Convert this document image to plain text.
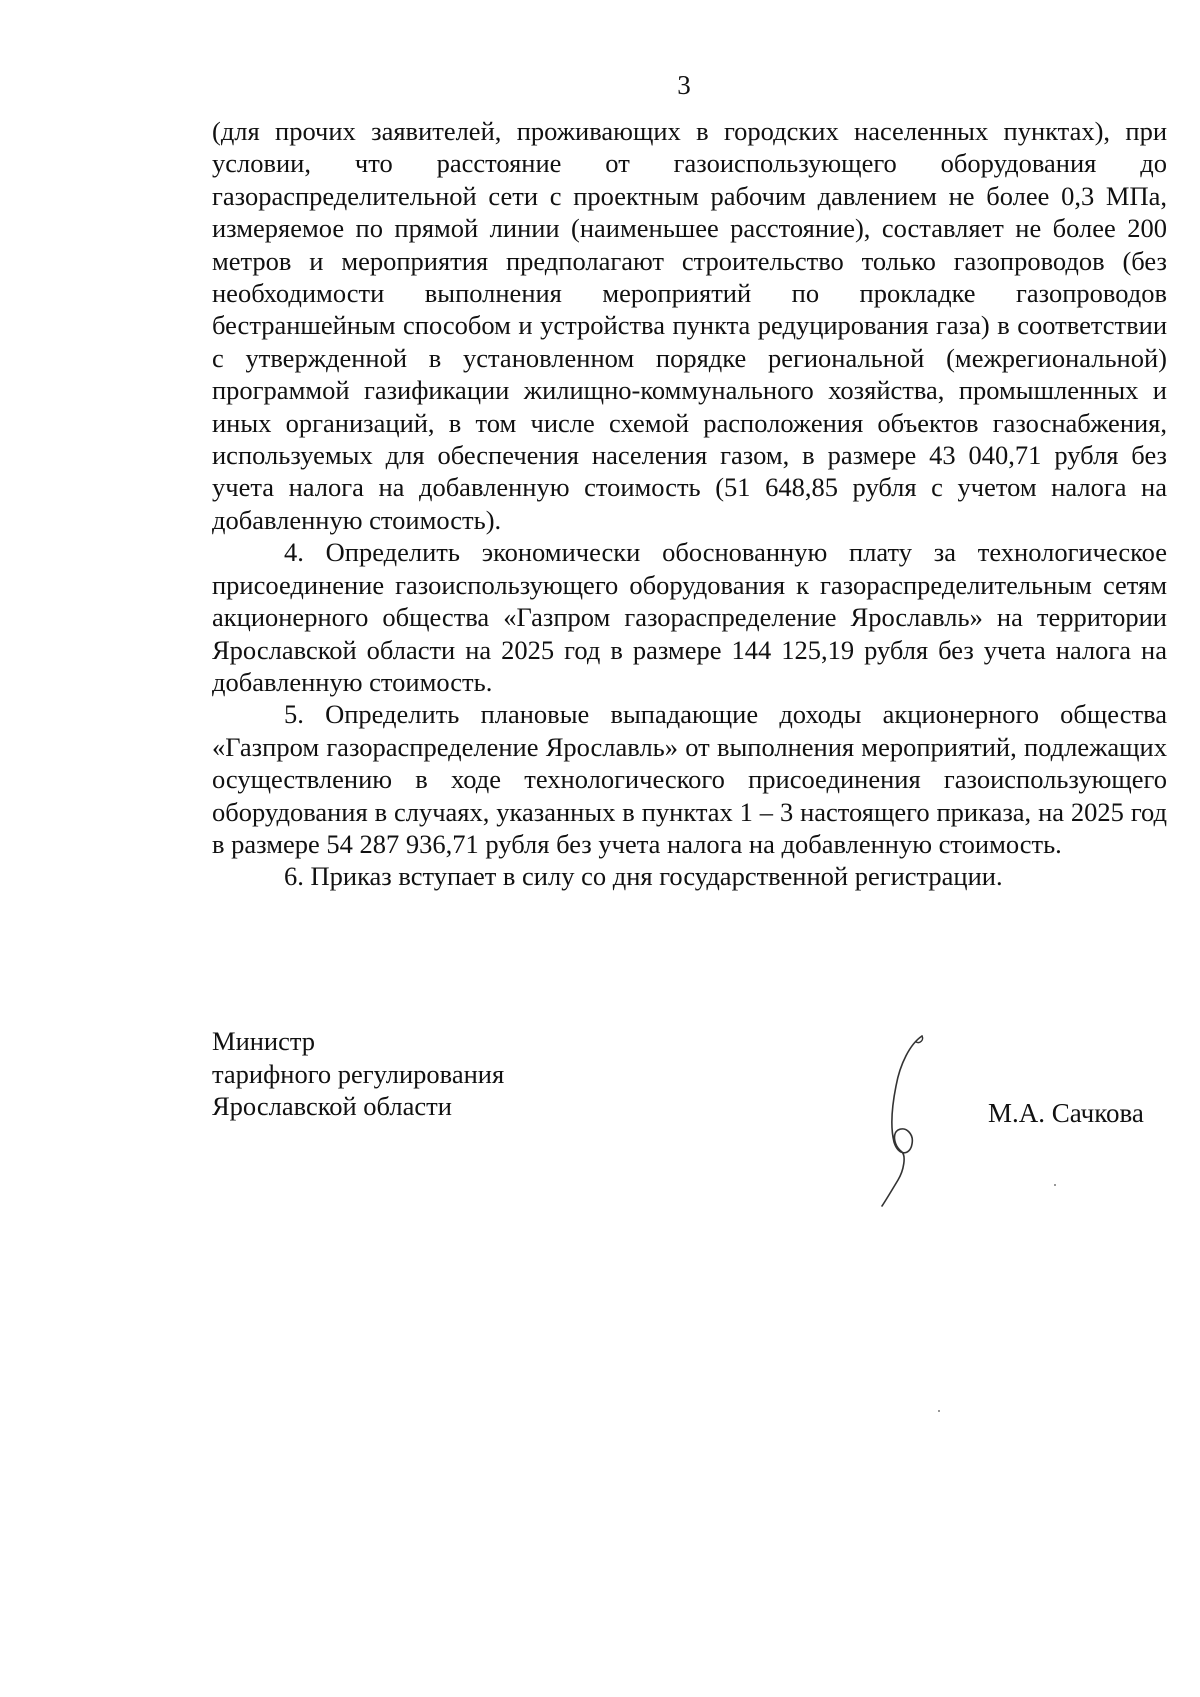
3

(для прочих заявителей, проживающих в городских населенных пунктах), при условии, что расстояние от газоиспользующего оборудования до газораспределительной сети с проектным рабочим давлением не более 0,3 МПа, измеряемое по прямой линии (наименьшее расстояние), составляет не более 200 метров и мероприятия предполагают строительство только газопроводов (без необходимости выполнения мероприятий по прокладке газопроводов бестраншейным способом и устройства пункта редуцирования газа) в соответствии с утвержденной в установленном порядке региональной (межрегиональной) программой газификации жилищно-коммунального хозяйства, промышленных и иных организаций, в том числе схемой расположения объектов газоснабжения, используемых для обеспечения населения газом, в размере 43 040,71 рубля без учета налога на добавленную стоимость (51 648,85 рубля с учетом налога на добавленную стоимость).

4. Определить экономически обоснованную плату за технологическое присоединение газоиспользующего оборудования к газораспределительным сетям акционерного общества «Газпром газораспределение Ярославль» на территории Ярославской области на 2025 год в размере 144 125,19 рубля без учета налога на добавленную стоимость.

5. Определить плановые выпадающие доходы акционерного общества «Газпром газораспределение Ярославль» от выполнения мероприятий, подлежащих осуществлению в ходе технологического присоединения газоиспользующего оборудования в случаях, указанных в пунктах 1 – 3 настоящего приказа, на 2025 год в размере 54 287 936,71 рубля без учета налога на добавленную стоимость.

6. Приказ вступает в силу со дня государственной регистрации.

Министр
тарифного регулирования
Ярославской области	М.А. Сачкова
